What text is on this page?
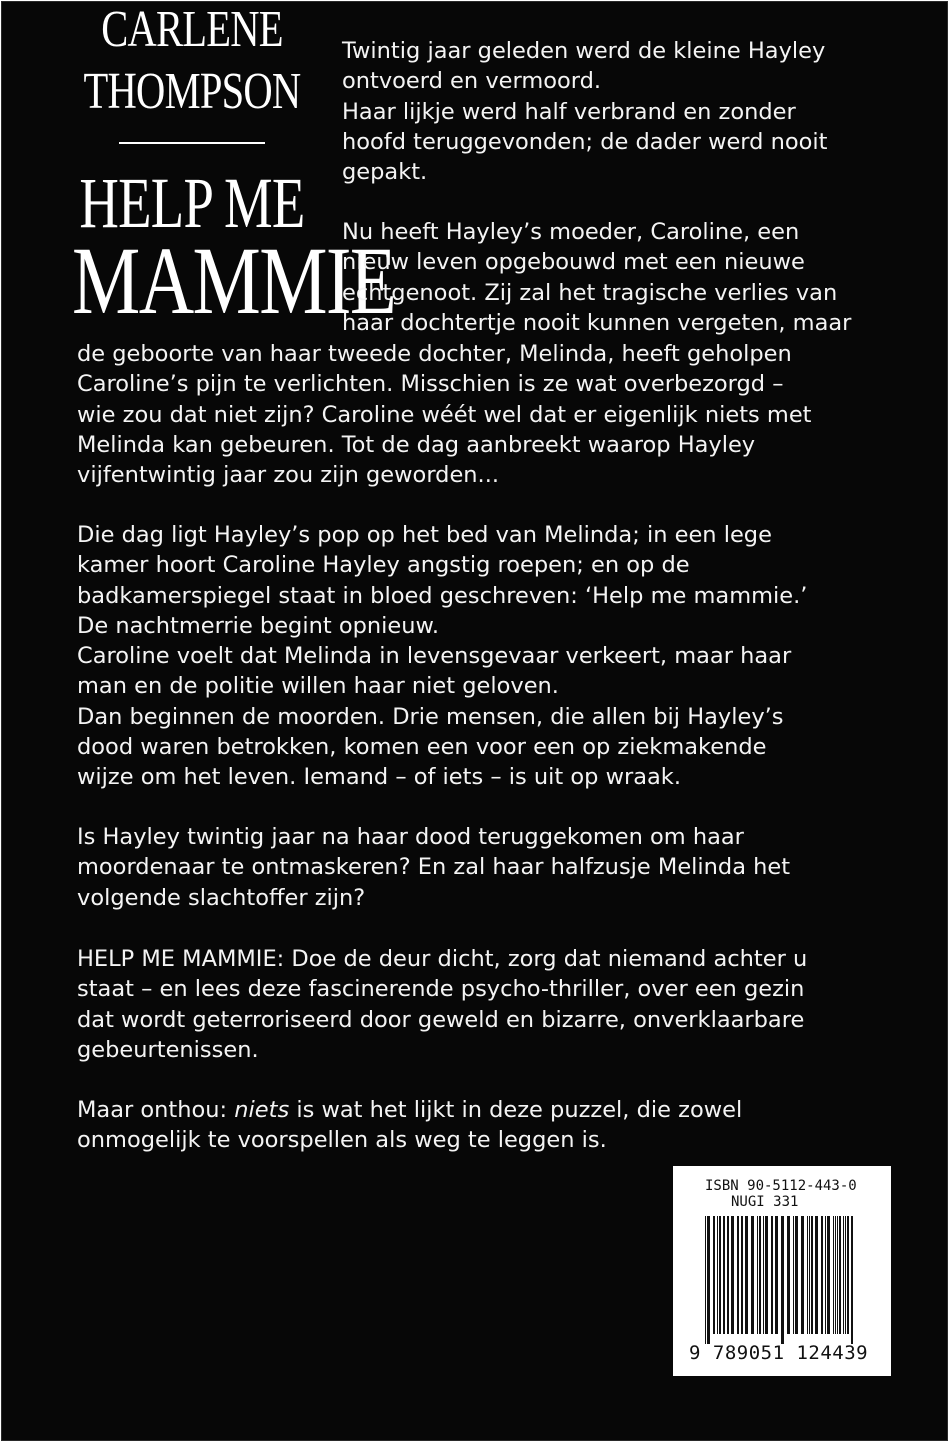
CARLENE
THOMPSON
HELP ME
MAMMIE
Twintig jaar geleden werd de kleine Hayley
ontvoerd en vermoord.
Haar lijkje werd half verbrand en zonder
hoofd teruggevonden; de dader werd nooit
gepakt.
Nu heeft Hayley’s moeder, Caroline, een
nieuw leven opgebouwd met een nieuwe
echtgenoot. Zij zal het tragische verlies van
haar dochtertje nooit kunnen vergeten, maar
de geboorte van haar tweede dochter, Melinda, heeft geholpen
Caroline’s pijn te verlichten. Misschien is ze wat overbezorgd –
wie zou dat niet zijn? Caroline wéét wel dat er eigenlijk niets met
Melinda kan gebeuren. Tot de dag aanbreekt waarop Hayley
vijfentwintig jaar zou zijn geworden...
Die dag ligt Hayley’s pop op het bed van Melinda; in een lege
kamer hoort Caroline Hayley angstig roepen; en op de
badkamerspiegel staat in bloed geschreven: ‘Help me mammie.’
De nachtmerrie begint opnieuw.
Caroline voelt dat Melinda in levensgevaar verkeert, maar haar
man en de politie willen haar niet geloven.
Dan beginnen de moorden. Drie mensen, die allen bij Hayley’s
dood waren betrokken, komen een voor een op ziekmakende
wijze om het leven. Iemand – of iets – is uit op wraak.
Is Hayley twintig jaar na haar dood teruggekomen om haar
moordenaar te ontmaskeren? En zal haar halfzusje Melinda het
volgende slachtoffer zijn?
HELP ME MAMMIE: Doe de deur dicht, zorg dat niemand achter u
staat – en lees deze fascinerende psycho-thriller, over een gezin
dat wordt geterroriseerd door geweld en bizarre, onverklaarbare
gebeurtenissen.
Maar onthou: niets is wat het lijkt in deze puzzel, die zowel
onmogelijk te voorspellen als weg te leggen is.
ISBN 90-5112-443-0
NUGI 331
9 789051 124439
